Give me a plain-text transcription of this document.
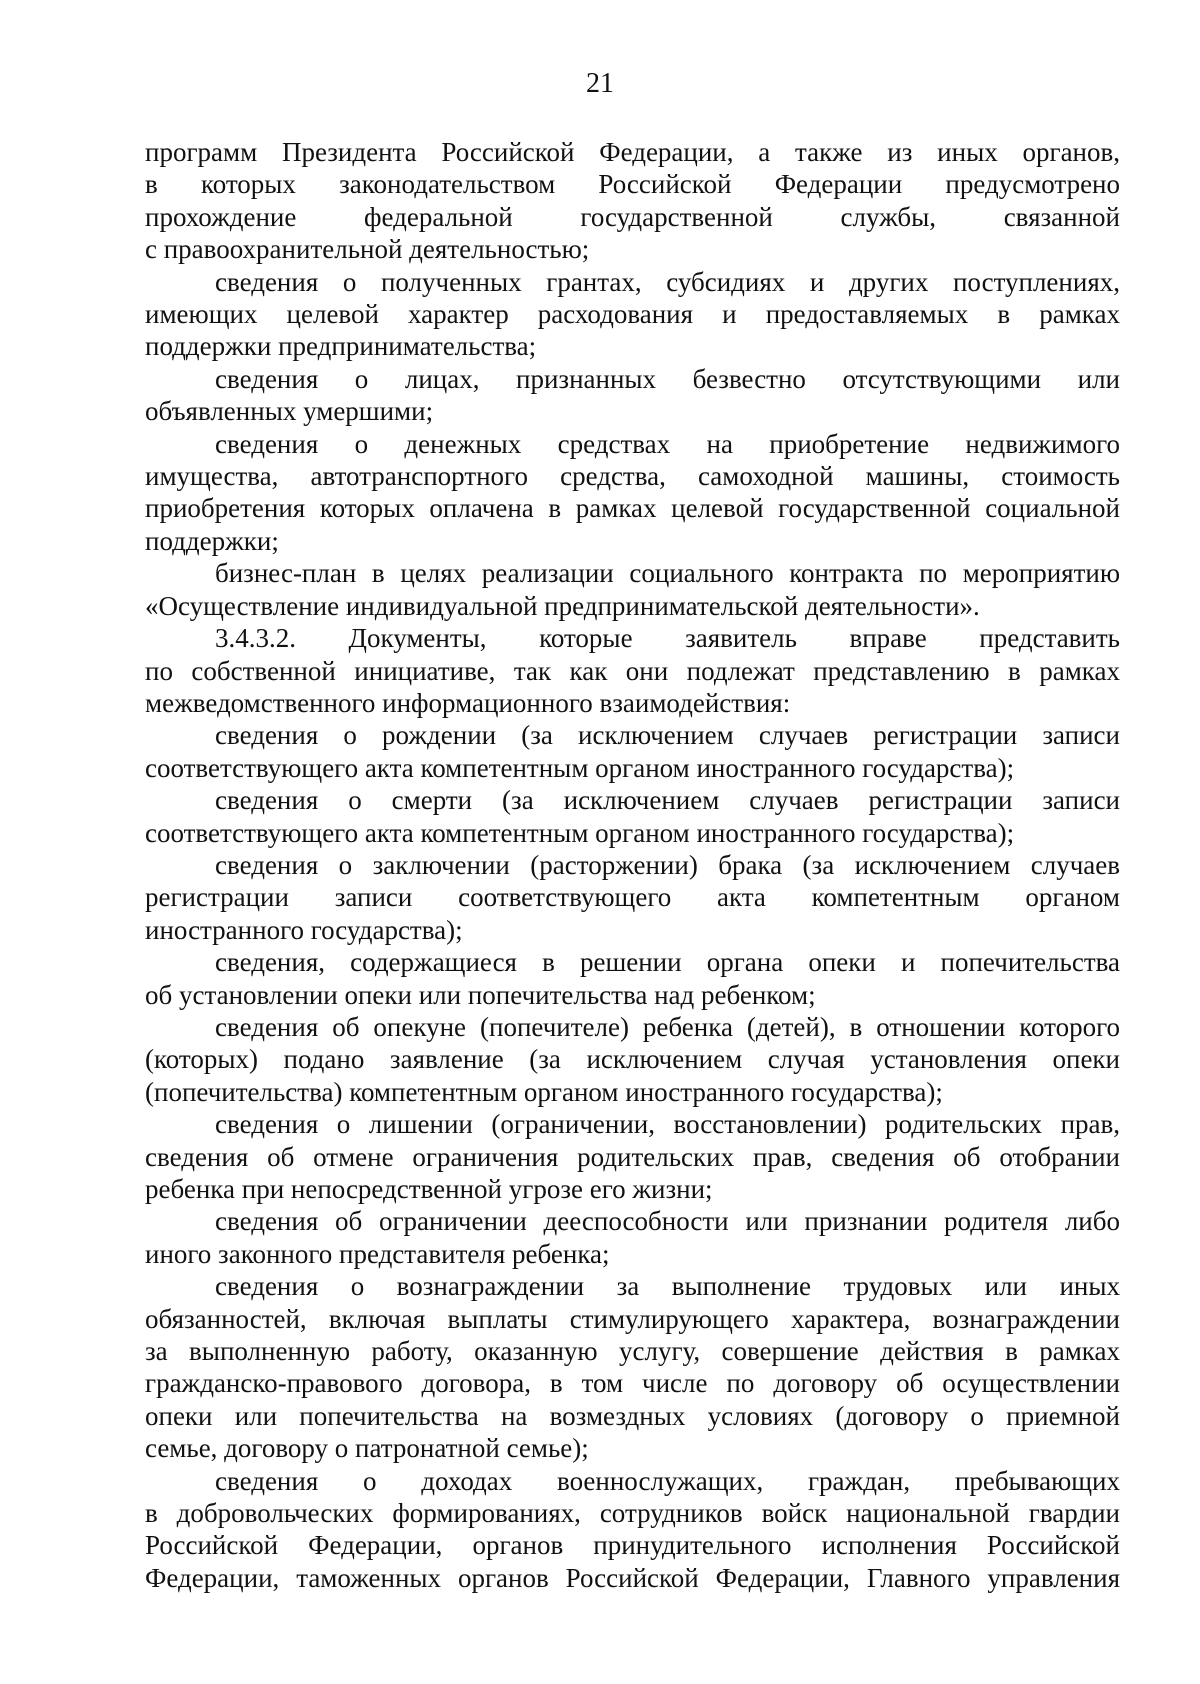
21
программ Президента Российской Федерации, а также из иных органов,
в которых законодательством Российской Федерации предусмотрено
прохождение федеральной государственной службы, связанной
с правоохранительной деятельностью;
сведения о полученных грантах, субсидиях и других поступлениях,
имеющих целевой характер расходования и предоставляемых в рамках
поддержки предпринимательства;
сведения о лицах, признанных безвестно отсутствующими или
объявленных умершими;
сведения о денежных средствах на приобретение недвижимого
имущества, автотранспортного средства, самоходной машины, стоимость
приобретения которых оплачена в рамках целевой государственной социальной
поддержки;
бизнес-план в целях реализации социального контракта по мероприятию
«Осуществление индивидуальной предпринимательской деятельности».
3.4.3.2. Документы, которые заявитель вправе представить
по собственной инициативе, так как они подлежат представлению в рамках
межведомственного информационного взаимодействия:
сведения о рождении (за исключением случаев регистрации записи
соответствующего акта компетентным органом иностранного государства);
сведения о смерти (за исключением случаев регистрации записи
соответствующего акта компетентным органом иностранного государства);
сведения о заключении (расторжении) брака (за исключением случаев
регистрации записи соответствующего акта компетентным органом
иностранного государства);
сведения, содержащиеся в решении органа опеки и попечительства
об установлении опеки или попечительства над ребенком;
сведения об опекуне (попечителе) ребенка (детей), в отношении которого
(которых) подано заявление (за исключением случая установления опеки
(попечительства) компетентным органом иностранного государства);
сведения о лишении (ограничении, восстановлении) родительских прав,
сведения об отмене ограничения родительских прав, сведения об отобрании
ребенка при непосредственной угрозе его жизни;
сведения об ограничении дееспособности или признании родителя либо
иного законного представителя ребенка;
сведения о вознаграждении за выполнение трудовых или иных
обязанностей, включая выплаты стимулирующего характера, вознаграждении
за выполненную работу, оказанную услугу, совершение действия в рамках
гражданско-правового договора, в том числе по договору об осуществлении
опеки или попечительства на возмездных условиях (договору о приемной
семье, договору о патронатной семье);
сведения о доходах военнослужащих, граждан, пребывающих
в добровольческих формированиях, сотрудников войск национальной гвардии
Российской Федерации, органов принудительного исполнения Российской
Федерации, таможенных органов Российской Федерации, Главного управления
